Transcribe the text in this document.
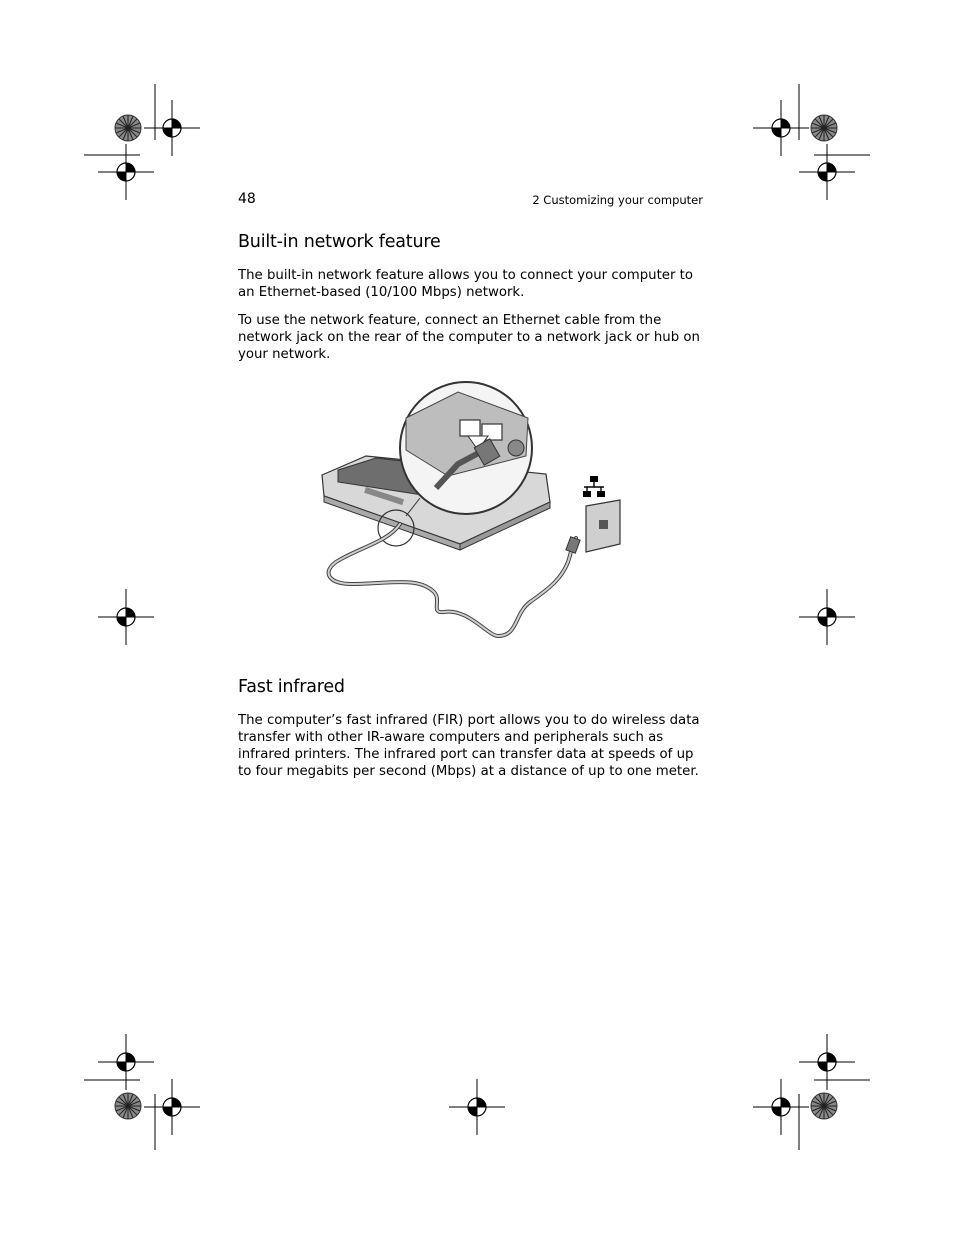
48	2 Customizing your computer
Built-in network feature

The built-in network feature allows you to connect your computer to an Ethernet-based (10/100 Mbps) network.

To use the network feature, connect an Ethernet cable from the network jack on the rear of the computer to a network jack or hub on your network.

Fast infrared

The computer’s fast infrared (FIR) port allows you to do wireless data transfer with other IR-aware computers and peripherals such as infrared printers. The infrared port can transfer data at speeds of up to four megabits per second (Mbps) at a distance of up to one meter.
